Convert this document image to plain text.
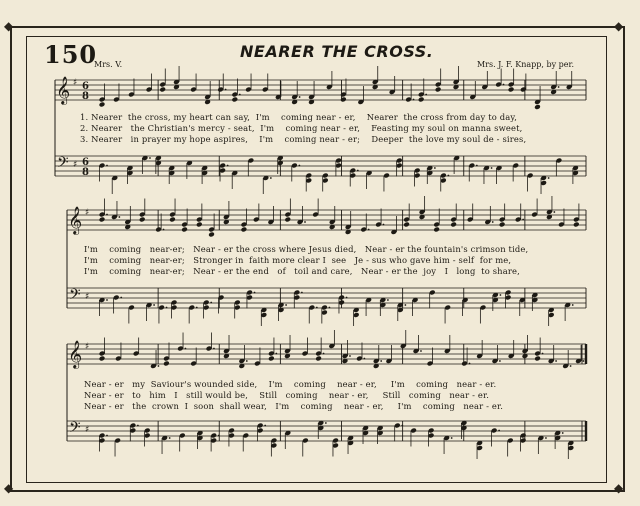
◆	◆
◆	◆
150	NEARER THE CROSS.
Mrs. V.	Mrs. J. F. Knapp, by per.
𝄞
𝄢
♯
♯
6
8
6
8
𝄞
𝄢
♯
♯
𝄞
𝄢
♯
♯
1. Nearer  the cross, my heart can say,  I'm    coming near - er,    Nearer  the cross from day to day,
2. Nearer   the Christian's mercy - seat,  I'm    coming near - er,    Feasting my soul on manna sweet,
3. Nearer   in prayer my hope aspires,    I'm    coming near - er;    Deeper  the love my soul de - sires,
I'm    coming   near-er;   Near - er the cross where Jesus died,   Near - er the fountain's crimson tide,
I'm    coming   near-er;   Stronger in  faith more clear I  see   Je - sus who gave him - self  for me,
I'm    coming   near-er;   Near - er the end   of   toil and care,   Near - er the  joy   I   long  to share,
Near - er   my  Saviour's wounded side,    I'm    coming    near - er,     I'm    coming   near - er.
Near - er   to   him   I   still would be,    Still   coming    near - er,     Still   coming   near - er.
Near - er   the  crown  I  soon  shall wear,   I'm    coming    near - er,     I'm    coming   near - er.
